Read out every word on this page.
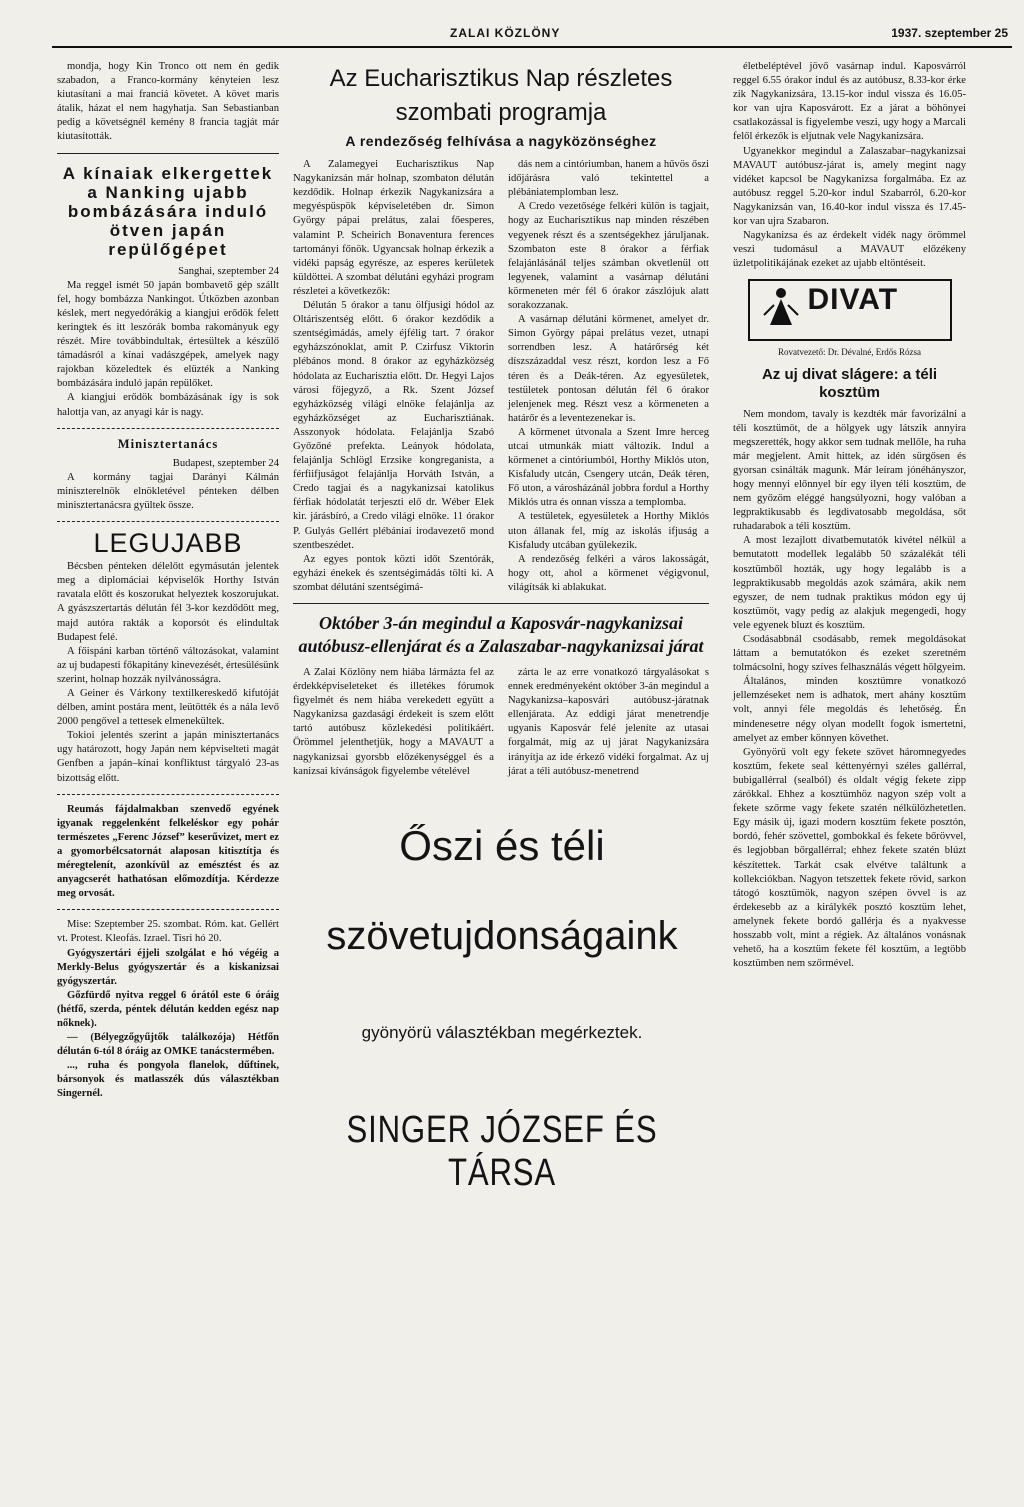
ZALAI KÖZLÖNY	1937. szeptember 25

mondja, hogy Kin Tronco ott nem én gedik szabadon, a Franco-kormány kényteien lesz kiutasítani a mai franciá követet. A követ maris átalik, házat el nem hagyhatja. San Sebastianban pedig a követségnél kemény 8 francia tagját már kiutasították.

A kínaiak elkergettek a Nanking ujabb bombázására induló ötven japán repülőgépet
Sanghai, szeptember 24

Ma reggel ismét 50 japán bombavető gép szállt fel, hogy bombázza Nankingot. Útközben azonban késlek, mert negyedórákig a kiangjui erődök felett keringtek és itt leszórák bomba rakományuk egy részét. Mire továbbindultak, értesültek a készülő támadásról a kínai vadászgépek, amelyek nagy rajokban közeledtek és elüzték a Nanking bombázására induló japán repülőket.

A kiangjui erődök bombázásának így is sok halottja van, az anyagi kár is nagy.

Minisztertanács
Budapest, szeptember 24

A kormány tagjai Darányi Kálmán miniszterelnök elnökletével pénteken délben minisztertanácsra gyültek össze.

LEGUJABB

Bécsben pénteken délelőtt egymásután jelentek meg a diplomáciai képviselők Horthy István ravatala előtt és koszorukat helyeztek koszorujukat. A gyászszertartás délután fél 3-kor kezdődött meg, majd autóra rakták a koporsót és elindultak Budapest felé.

A főispáni karban történő változásokat, valamint az uj budapesti főkapitány kinevezését, értesülésünk szerint, holnap hozzák nyilvánosságra.

A Geiner és Várkony textilkereskedő kifutóját délben, amint postára ment, leütötték és a nála levő 2000 pengővel a tettesek elmenekültek.

Tokioi jelentés szerint a japán minisztertanács ugy határozott, hogy Japán nem képviselteti magát Genfben a japán–kínai konfliktust tárgyaló 23-as bizottság előtt.

Reumás fájdalmakban szenvedő egyének igyanak reggelenként felkeléskor egy pohár természetes „Ferenc József” keserűvizet, mert ez a gyomorbélcsatornát alaposan kitisztítja és méregtelenít, azonkívül az emésztést és az anyagcserét hathatósan előmozdítja. Kérdezze meg orvosát.

Mise: Szeptember 25. szombat. Róm. kat. Gellért vt. Protest. Kleofás. Izrael. Tisri hó 20.

Gyógyszertári éjjeli szolgálat e hó végéig a Merkly-Belus gyógyszertár és a kiskanizsai gyógyszertár.

Gőzfürdő nyitva reggel 6 órától este 6 óráig (hétfő, szerda, péntek délután kedden egész nap nőknek).

— (Bélyegzőgyűjtők találkozója) Hétfőn délután 6-tól 8 óráig az OMKE tanácstermében.

..., ruha és pongyola flanelok, dűftinek, bársonyok és matlasszék dús választékban Singernél.

Az Eucharisztikus Nap részletes
szombati programja
A rendezőség felhívása a nagyközönséghez

A Zalamegyei Eucharisztikus Nap Nagykanizsán már holnap, szombaton délután kezdődik. Holnap érkezik Nagykanizsára a megyéspüspök képviseletében dr. Simon György pápai prelátus, zalai főesperes, valamint P. Scheirich Bonaventura ferences tartományi főnök. Ugyancsak holnap érkezik a vidéki papság egyrésze, az esperes kerületek küldöttei. A szombat délutáni egyházi program részletei a következők:

Délután 5 órakor a tanu ölfjusigi hódol az Oltáriszentség előtt. 6 órakor kezdődik a szentségimádás, amely éjfélig tart. 7 órakor egyházszónoklat, amit P. Czirfusz Viktorin plébános mond. 8 órakor az egyházközség hódolata az Eucharisztia előtt. Dr. Hegyi Lajos városi főjegyző, a Rk. Szent József egyházközség világi elnöke felajánlja az egyházközséget az Eucharisztiának. Asszonyok hódolata. Felajánlja Szabó Győzőné prefekta. Leányok hódolata, felajánlja Schlögl Erzsike kongreganista, a férfiifjuságot felajánlja Horváth István, a Credo tagjai és a nagykanizsai katolikus férfiak hódolatát terjeszti elő dr. Wéber Elek kir. járásbíró, a Credo világi elnöke. 11 órakor P. Gulyás Gellért plébániai irodavezető mond szentbeszédet.

Az egyes pontok közti időt Szentórák, egyházi énekek és szentségimádás tölti ki. A szombat délutáni szentségimá-

dás nem a cintóriumban, hanem a hűvös őszi időjárásra való tekintettel a plébániatemplomban lesz.

A Credo vezetősége felkéri külön is tagjait, hogy az Eucharisztikus nap minden részében vegyenek részt és a szentségekhez járuljanak. Szombaton este 8 órakor a férfiak felajánlásánál teljes számban okvetlenül ott legyenek, valamint a vasárnap délutáni körmeneten mér fél 6 órakor zászlójuk alatt sorakozzanak.

A vasárnap délutáni körmenet, amelyet dr. Simon György pápai prelátus vezet, utnapi sorrendben lesz. A határőrség két díszszázaddal vesz részt, kordon lesz a Fő téren és a Deák-téren. Az egyesületek, testületek pontosan délután fél 6 órakor jelenjenek meg. Részt vesz a körmeneten a határőr és a leventezenekar is.

A körmenet útvonala a Szent Imre herceg utcai utmunkák miatt változik. Indul a körmenet a cintóriumból, Horthy Miklós uton, Kisfaludy utcán, Csengery utcán, Deák téren, Fő uton, a városházánál jobbra fordul a Horthy Miklós utra és onnan vissza a templomba.

A testületek, egyesületek a Horthy Miklós uton állanak fel, míg az iskolás ifjuság a Kisfaludy utcában gyülekezik.

A rendezőség felkéri a város lakosságát, hogy ott, ahol a körmenet végigvonul, világítsák ki ablakukat.

Október 3-án megindul a Kaposvár-nagykanizsai autóbusz-ellenjárat és a Zalaszabar-nagykanizsai járat

A Zalai Közlöny nem hiába lármázta fel az érdekképviseleteket és illetékes fórumok figyelmét és nem hiába verekedett együtt a Nagykanizsa gazdasági érdekeit is szem előtt tartó autóbusz közlekedési politikáért. Örömmel jelenthetjük, hogy a MAVAUT a nagykanizsai gyorsbb előzékenységgel és a kanizsai kívánságok figyelembe vételével

zárta le az erre vonatkozó tárgyalásokat s ennek eredményeként október 3-án megindul a Nagykanizsa–kaposvári autóbusz-járatnak ellenjárata. Az eddigi járat menetrendje ugyanis Kaposvár felé jeleníte az utasai forgalmát, míg az uj járat Nagykanizsára irányítja az ide érkező vidéki forgalmat. Az uj járat a téli autóbusz-menetrend

Őszi és téli
szövetujdonságaink
gyönyörü választékban megérkeztek.
SINGER JÓZSEF ÉS TÁRSA

életbeléptével jövő vasárnap indul. Kaposvárról reggel 6.55 órakor indul és az autóbusz, 8.33-kor érke zik Nagykanizsára, 13.15-kor indul vissza és 16.05-kor van ujra Kaposvárott. Ez a járat a böhönyei csatlakozással is figyelembe veszi, ugy hogy a Marcali felől érkezők is eljutnak vele Nagykanizsára.

Ugyanekkor megindul a Zalaszabar–nagykanizsai MAVAUT autóbusz-járat is, amely megint nagy vidéket kapcsol be Nagykanizsa forgalmába. Ez az autóbusz reggel 5.20-kor indul Szabarról, 6.20-kor Nagykanizsán van, 16.40-kor indul vissza és 17.45-kor van ujra Szabaron.

Nagykanizsa és az érdekelt vidék nagy örömmel veszi tudomásul a MAVAUT előzékeny üzletpolitikájának ezeket az ujabb eltöntéseit.

DIVAT
Rovatvezető: Dr. Dévalné, Erdős Rózsa
Az uj divat slágere: a téli kosztüm

Nem mondom, tavaly is kezdték már favorizálni a téli kosztümöt, de a hölgyek ugy látszik annyira megszerették, hogy akkor sem tudnak mellőle, ha ruha már megjelent. Amit hittek, az idén sürgősen és gyorsan csinálták magunk. Már leíram jónéhányszor, hogy mennyi előnnyel bír egy ilyen téli kosztüm, de nem győzöm eléggé hangsúlyozni, hogy valóban a legpraktikusabb és legdivatosabb megoldása, sőt ruhadarabok a téli kosztüm.

A most lezajlott divatbemutatók kivétel nélkül a bemutatott modellek legalább 50 százalékát téli kosztümből hozták, ugy hogy legalább is a legpraktikusabb megoldás azok számára, akik nem egyszer, de nem tudnak praktikus módon egy új kosztümöt, vagy pedig az alakjuk megengedi, hogy vele egyenek bluzt és kosztüm.

Csodásabbnál csodásabb, remek megoldásokat láttam a bemutatókon és ezeket szeretném tolmácsolni, hogy szíves felhasználás végett hölgyeim.

Általános, minden kosztümre vonatkozó jellemzéseket nem is adhatok, mert ahány kosztüm volt, annyi féle megoldás és lehetőség. Én mindenesetre négy olyan modellt fogok ismertetni, amelyet az ember könnyen követhet.

Gyönyörű volt egy fekete szövet háromnegyedes kosztüm, fekete seal kéttenyérnyi széles gallérral, bubigallérral (sealból) és oldalt végig fekete zipp zárókkal. Ehhez a kosztümhöz nagyon szép volt a fekete szőrme vagy fekete szatén nélkülözhetetlen. Egy másik új, igazi modern kosztüm fekete posztón, bordó, fehér szövettel, gombokkal és fekete bőrövvel, és legjobban bőrgallérral; ehhez fekete szatén blúzt készítettek. Tarkát csak elvétve találtunk a kollekciókban. Nagyon tetszettek fekete rövid, sarkon tátogó kosztümök, nagyon szépen övvel is az érdekesebb az a királykék posztó kosztüm lehet, amelynek fekete bordó gallérja és a nyakvesse hosszabb volt, mint a régiek. Az általános vonásnak vehető, ha a kosztüm fekete fél kosztüm, a legtöbb kosztümben nem szőrmével.
